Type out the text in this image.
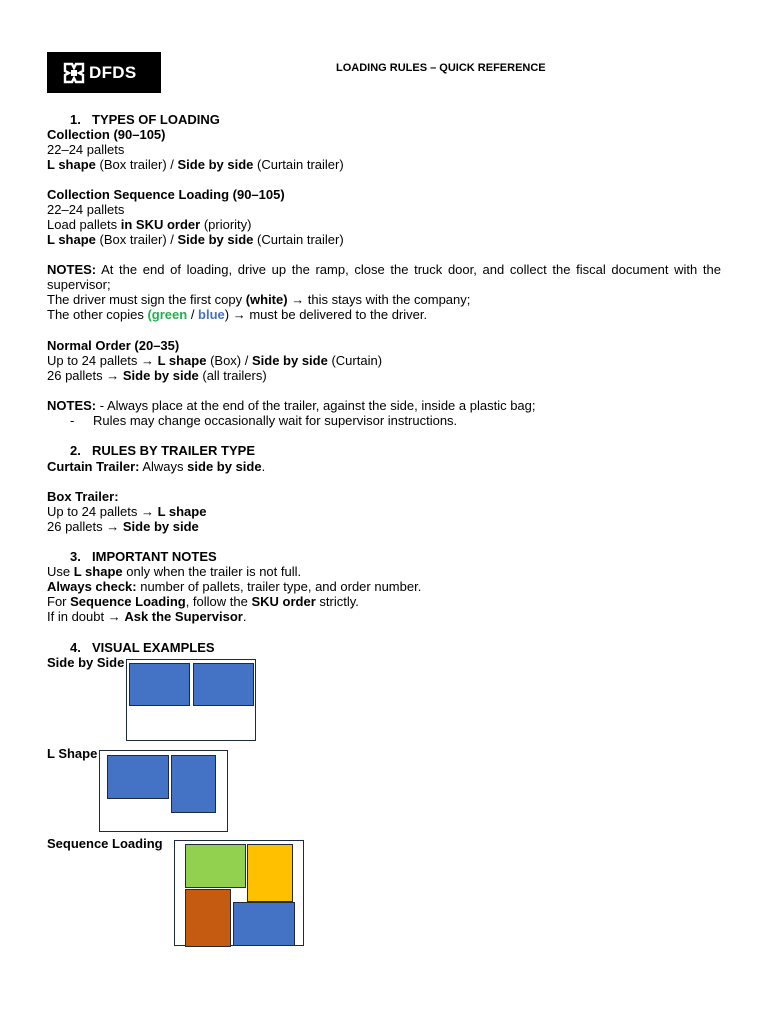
DFDS	LOADING RULES – QUICK REFERENCE
1. TYPES OF LOADING
Collection (90–105)
22–24 pallets
L shape (Box trailer) / Side by side (Curtain trailer)
Collection Sequence Loading (90–105)
22–24 pallets
Load pallets in SKU order (priority)
L shape (Box trailer) / Side by side (Curtain trailer)
NOTES: At the end of loading, drive up the ramp, close the truck door, and collect the fiscal document with the supervisor;
The driver must sign the first copy (white) → this stays with the company;
The other copies (green / blue) → must be delivered to the driver.
Normal Order (20–35)
Up to 24 pallets → L shape (Box) / Side by side (Curtain)
26 pallets → Side by side (all trailers)
NOTES: - Always place at the end of the trailer, against the side, inside a plastic bag;
- Rules may change occasionally wait for supervisor instructions.
2. RULES BY TRAILER TYPE
Curtain Trailer: Always side by side.
Box Trailer:
Up to 24 pallets → L shape
26 pallets → Side by side
3. IMPORTANT NOTES
Use L shape only when the trailer is not full.
Always check: number of pallets, trailer type, and order number.
For Sequence Loading, follow the SKU order strictly.
If in doubt → Ask the Supervisor.
4. VISUAL EXAMPLES
Side by Side
L Shape
Sequence Loading
